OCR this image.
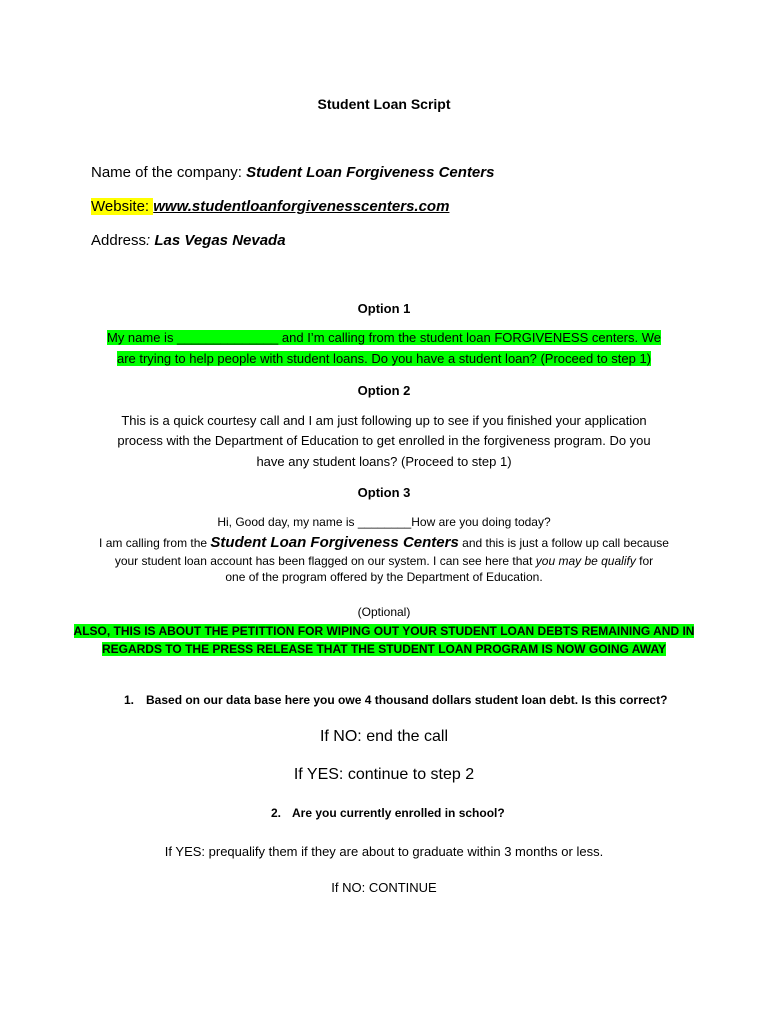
Student Loan Script
Name of the company: Student Loan Forgiveness Centers
Website: www.studentloanforgivenesscenters.com
Address: Las Vegas Nevada
Option 1
My name is ______________ and I’m calling from the student loan FORGIVENESS centers. We
are trying to help people with student loans. Do you have a student loan? (Proceed to step 1)
Option 2
This is a quick courtesy call and I am just following up to see if you finished your application
process with the Department of Education to get enrolled in the forgiveness program. Do you
have any student loans? (Proceed to step 1)
Option 3
Hi, Good day, my name is ________How are you doing today?
I am calling from the Student Loan Forgiveness Centers and this is just a follow up call because
your student loan account has been flagged on our system. I can see here that you may be qualify for
one of the program offered by the Department of Education.
(Optional)
ALSO, THIS IS ABOUT THE PETITTION FOR WIPING OUT YOUR STUDENT LOAN DEBTS REMAINING AND IN
REGARDS TO THE PRESS RELEASE THAT THE STUDENT LOAN PROGRAM IS NOW GOING AWAY
1. Based on our data base here you owe 4 thousand dollars student loan debt. Is this correct?
If NO: end the call
If YES: continue to step 2
2. Are you currently enrolled in school?
If YES: prequalify them if they are about to graduate within 3 months or less.
If NO: CONTINUE
